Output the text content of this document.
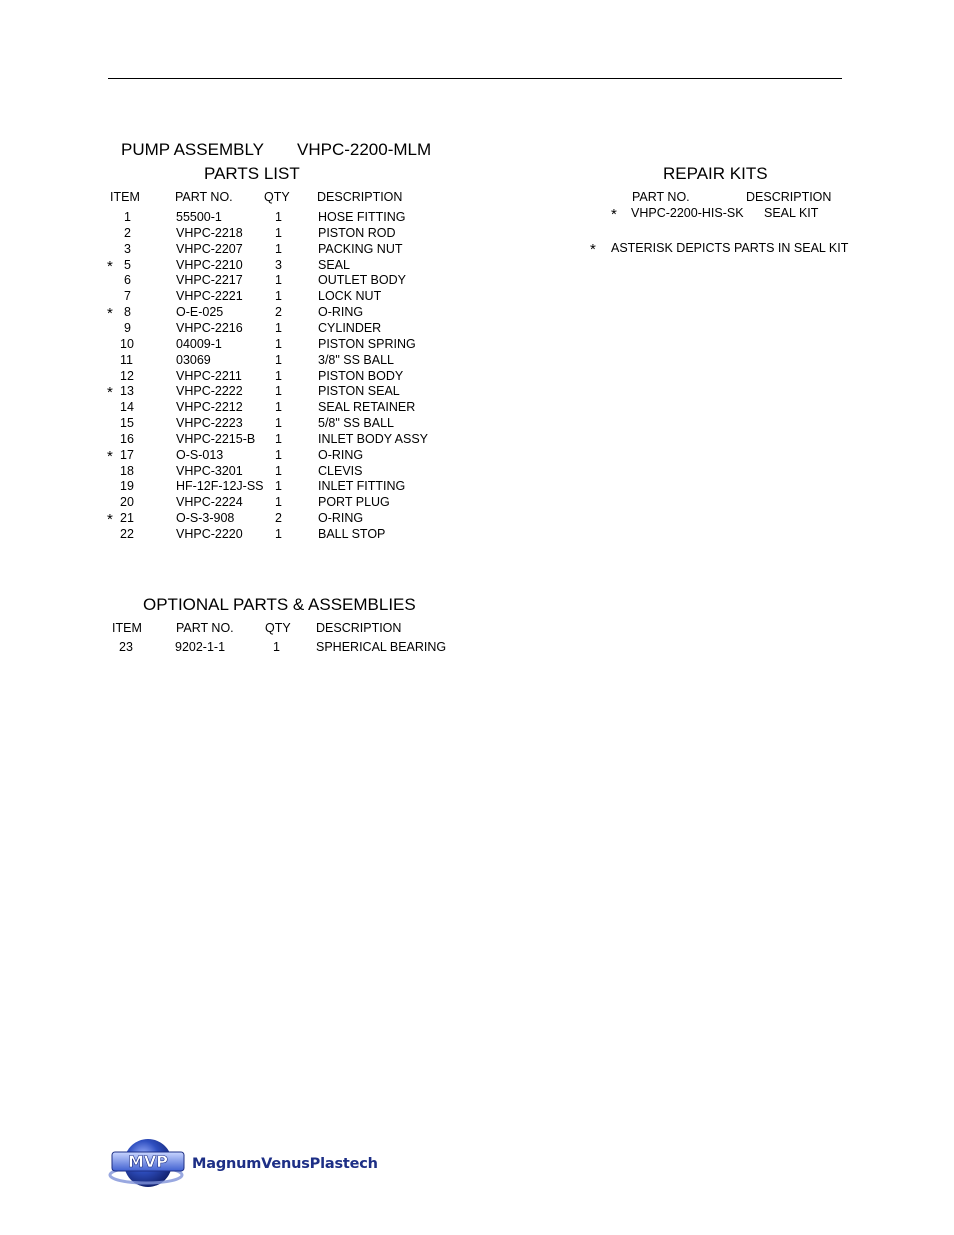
PUMP ASSEMBLY VHPC-2200-MLM
PARTS LIST
ITEM	PART NO.	QTY DESCRIPTION
1	55500-1	1	HOSE FITTING
2	VHPC-2218	1	PISTON ROD
3	VHPC-2207	1	PACKING NUT
* 5	VHPC-2210	3	SEAL
6	VHPC-2217	1	OUTLET BODY
7	VHPC-2221	1	LOCK NUT
* 8	O-E-025	2	O-RING
9	VHPC-2216	1	CYLINDER
10	04009-1	1	PISTON SPRING
11	03069	1	3/8" SS BALL
12	VHPC-2211	1	PISTON BODY
* 13	VHPC-2222	1	PISTON SEAL
14	VHPC-2212	1	SEAL RETAINER
15	VHPC-2223	1	5/8" SS BALL
16	VHPC-2215-B 1	INLET BODY ASSY
* 17	O-S-013	1	O-RING
18	VHPC-3201	1	CLEVIS
19	HF-12F-12J-SS 1	INLET FITTING
20	VHPC-2224	1	PORT PLUG
* 21	O-S-3-908	2	O-RING
22	VHPC-2220	1	BALL STOP
OPTIONAL PARTS & ASSEMBLIES
ITEM	PART NO.	QTY DESCRIPTION
23	9202-1-1	1	SPHERICAL BEARING
REPAIR KITS
PART NO.	DESCRIPTION
* VHPC-2200-HIS-SK SEAL KIT
* ASTERISK DEPICTS PARTS IN SEAL KIT
MVP MagnumVenusPlastech
